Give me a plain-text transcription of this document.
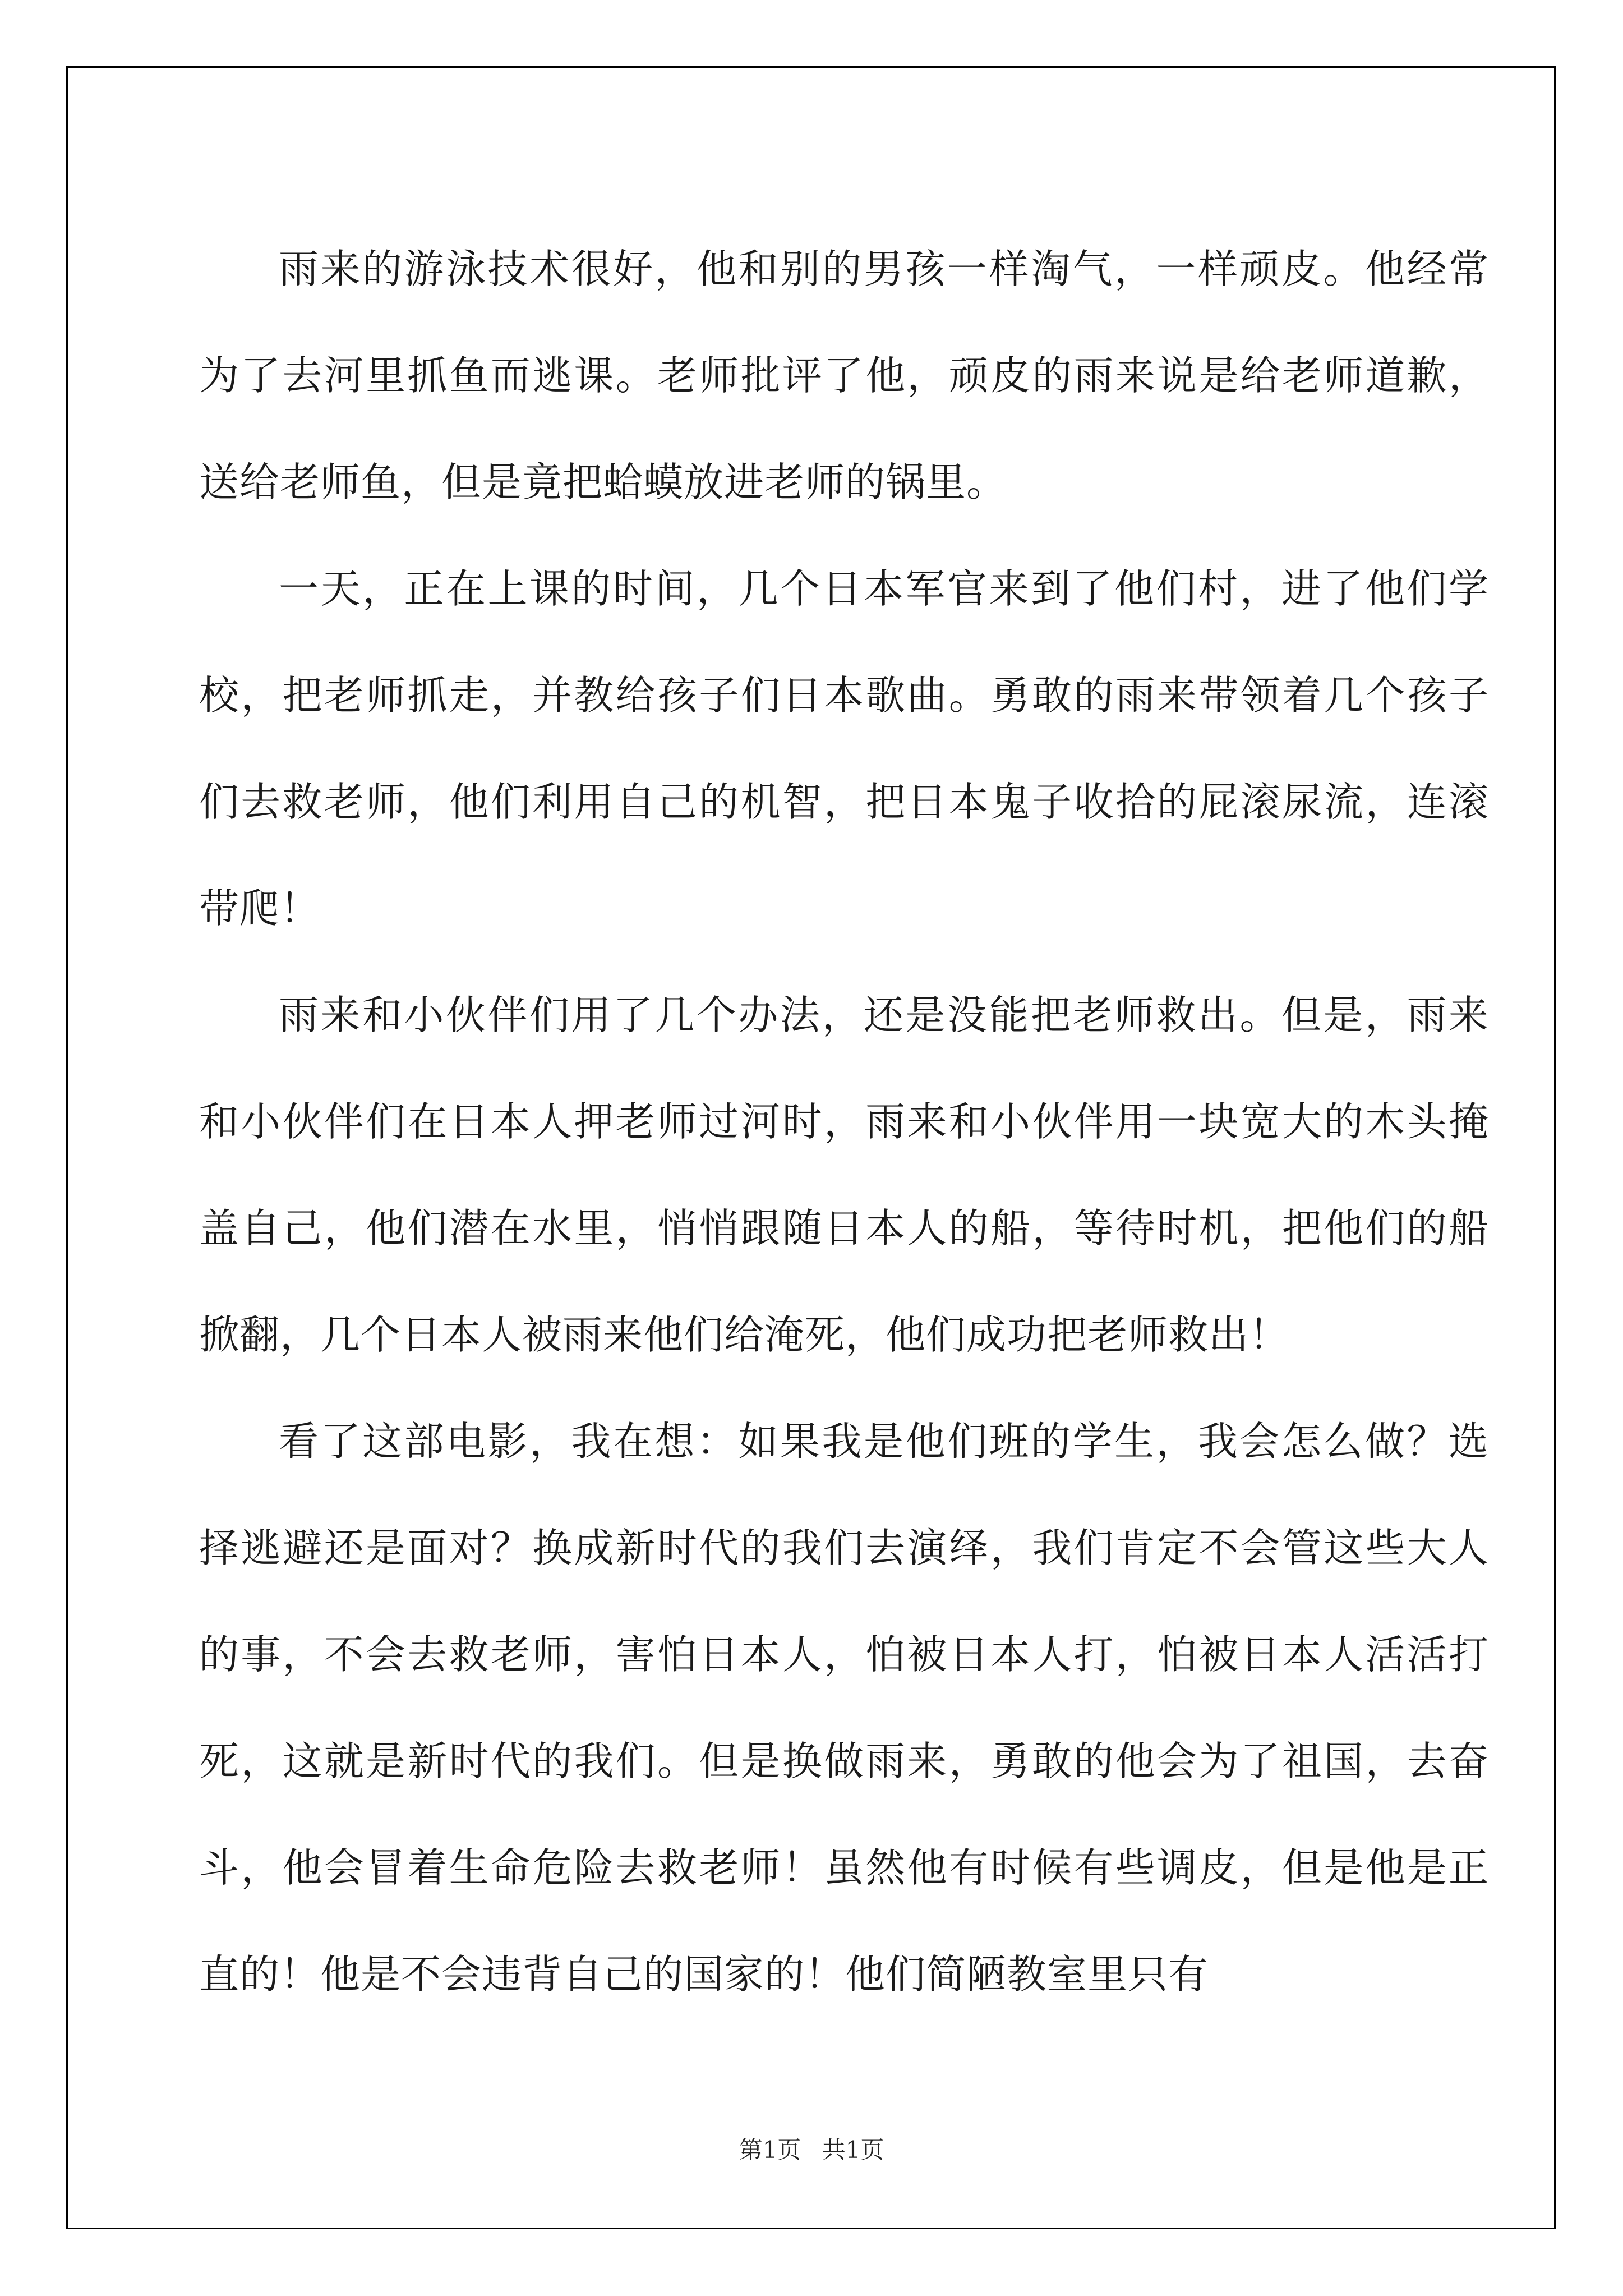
雨来的游泳技术很好，他和别的男孩一样淘气，一样顽皮。他经常为了去河里抓鱼而逃课。老师批评了他，顽皮的雨来说是给老师道歉，送给老师鱼，但是竟把蛤蟆放进老师的锅里。

一天，正在上课的时间，几个日本军官来到了他们村，进了他们学校，把老师抓走，并教给孩子们日本歌曲。勇敢的雨来带领着几个孩子们去救老师，他们利用自己的机智，把日本鬼子收拾的屁滚尿流，连滚带爬！

雨来和小伙伴们用了几个办法，还是没能把老师救出。但是，雨来和小伙伴们在日本人押老师过河时，雨来和小伙伴用一块宽大的木头掩盖自己，他们潜在水里，悄悄跟随日本人的船，等待时机，把他们的船掀翻，几个日本人被雨来他们给淹死，他们成功把老师救出！

看了这部电影，我在想：如果我是他们班的学生，我会怎么做？选择逃避还是面对？换成新时代的我们去演绎，我们肯定不会管这些大人的事，不会去救老师，害怕日本人，怕被日本人打，怕被日本人活活打死，这就是新时代的我们。但是换做雨来，勇敢的他会为了祖国，去奋斗，他会冒着生命危险去救老师！虽然他有时候有些调皮，但是他是正直的！他是不会违背自己的国家的！他们简陋教室里只有

第1页 共1页
